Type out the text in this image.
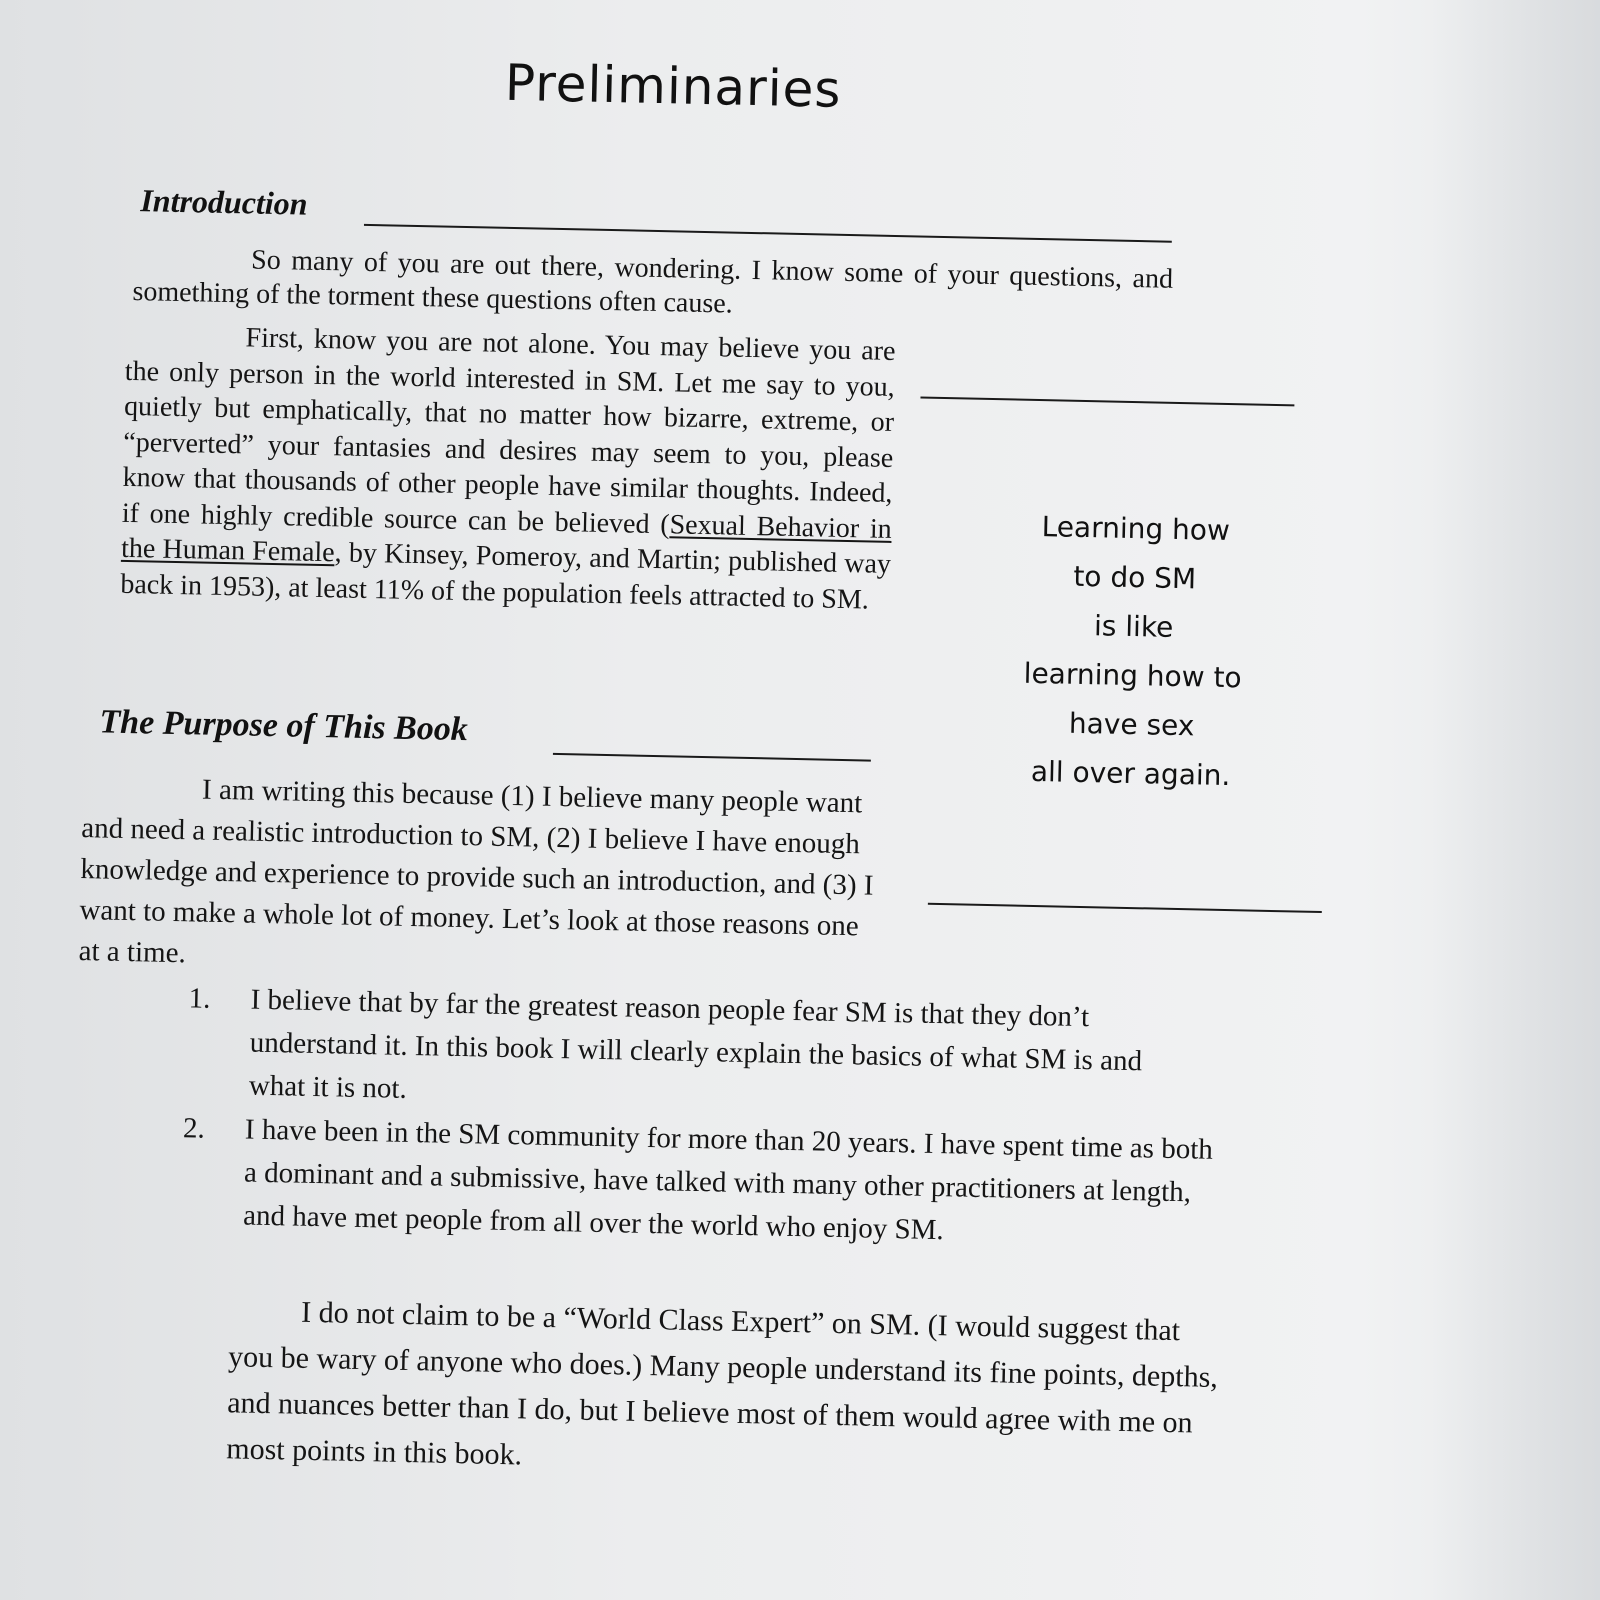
Preliminaries
Introduction

So many of you are out there, wondering. I know some of your questions, and something of the torment these questions often cause.

First, know you are not alone. You may believe you are the only person in the world interested in SM. Let me say to you, quietly but emphatically, that no matter how bizarre, extreme, or “perverted” your fantasies and desires may seem to you, please know that thousands of other people have similar thoughts. Indeed, if one highly credible source can be believed (Sexual Behavior in the Human Female, by Kinsey, Pomeroy, and Martin; published way back in 1953), at least 11% of the population feels attracted to SM.

Learning how
to do SM
is like
learning how to
have sex
all over again.
The Purpose of This Book

I am writing this because (1) I believe many people want and need a realistic introduction to SM, (2) I believe I have enough knowledge and experience to provide such an introduction, and (3) I want to make a whole lot of money. Let’s look at those reasons one at a time.

1. I believe that by far the greatest reason people fear SM is that they don’t understand it. In this book I will clearly explain the basics of what SM is and what it is not.

2. I have been in the SM community for more than 20 years. I have spent time as both a dominant and a submissive, have talked with many other practitioners at length, and have met people from all over the world who enjoy SM.

I do not claim to be a “World Class Expert” on SM. (I would suggest that you be wary of anyone who does.) Many people understand its fine points, depths, and nuances better than I do, but I believe most of them would agree with me on most points in this book.
